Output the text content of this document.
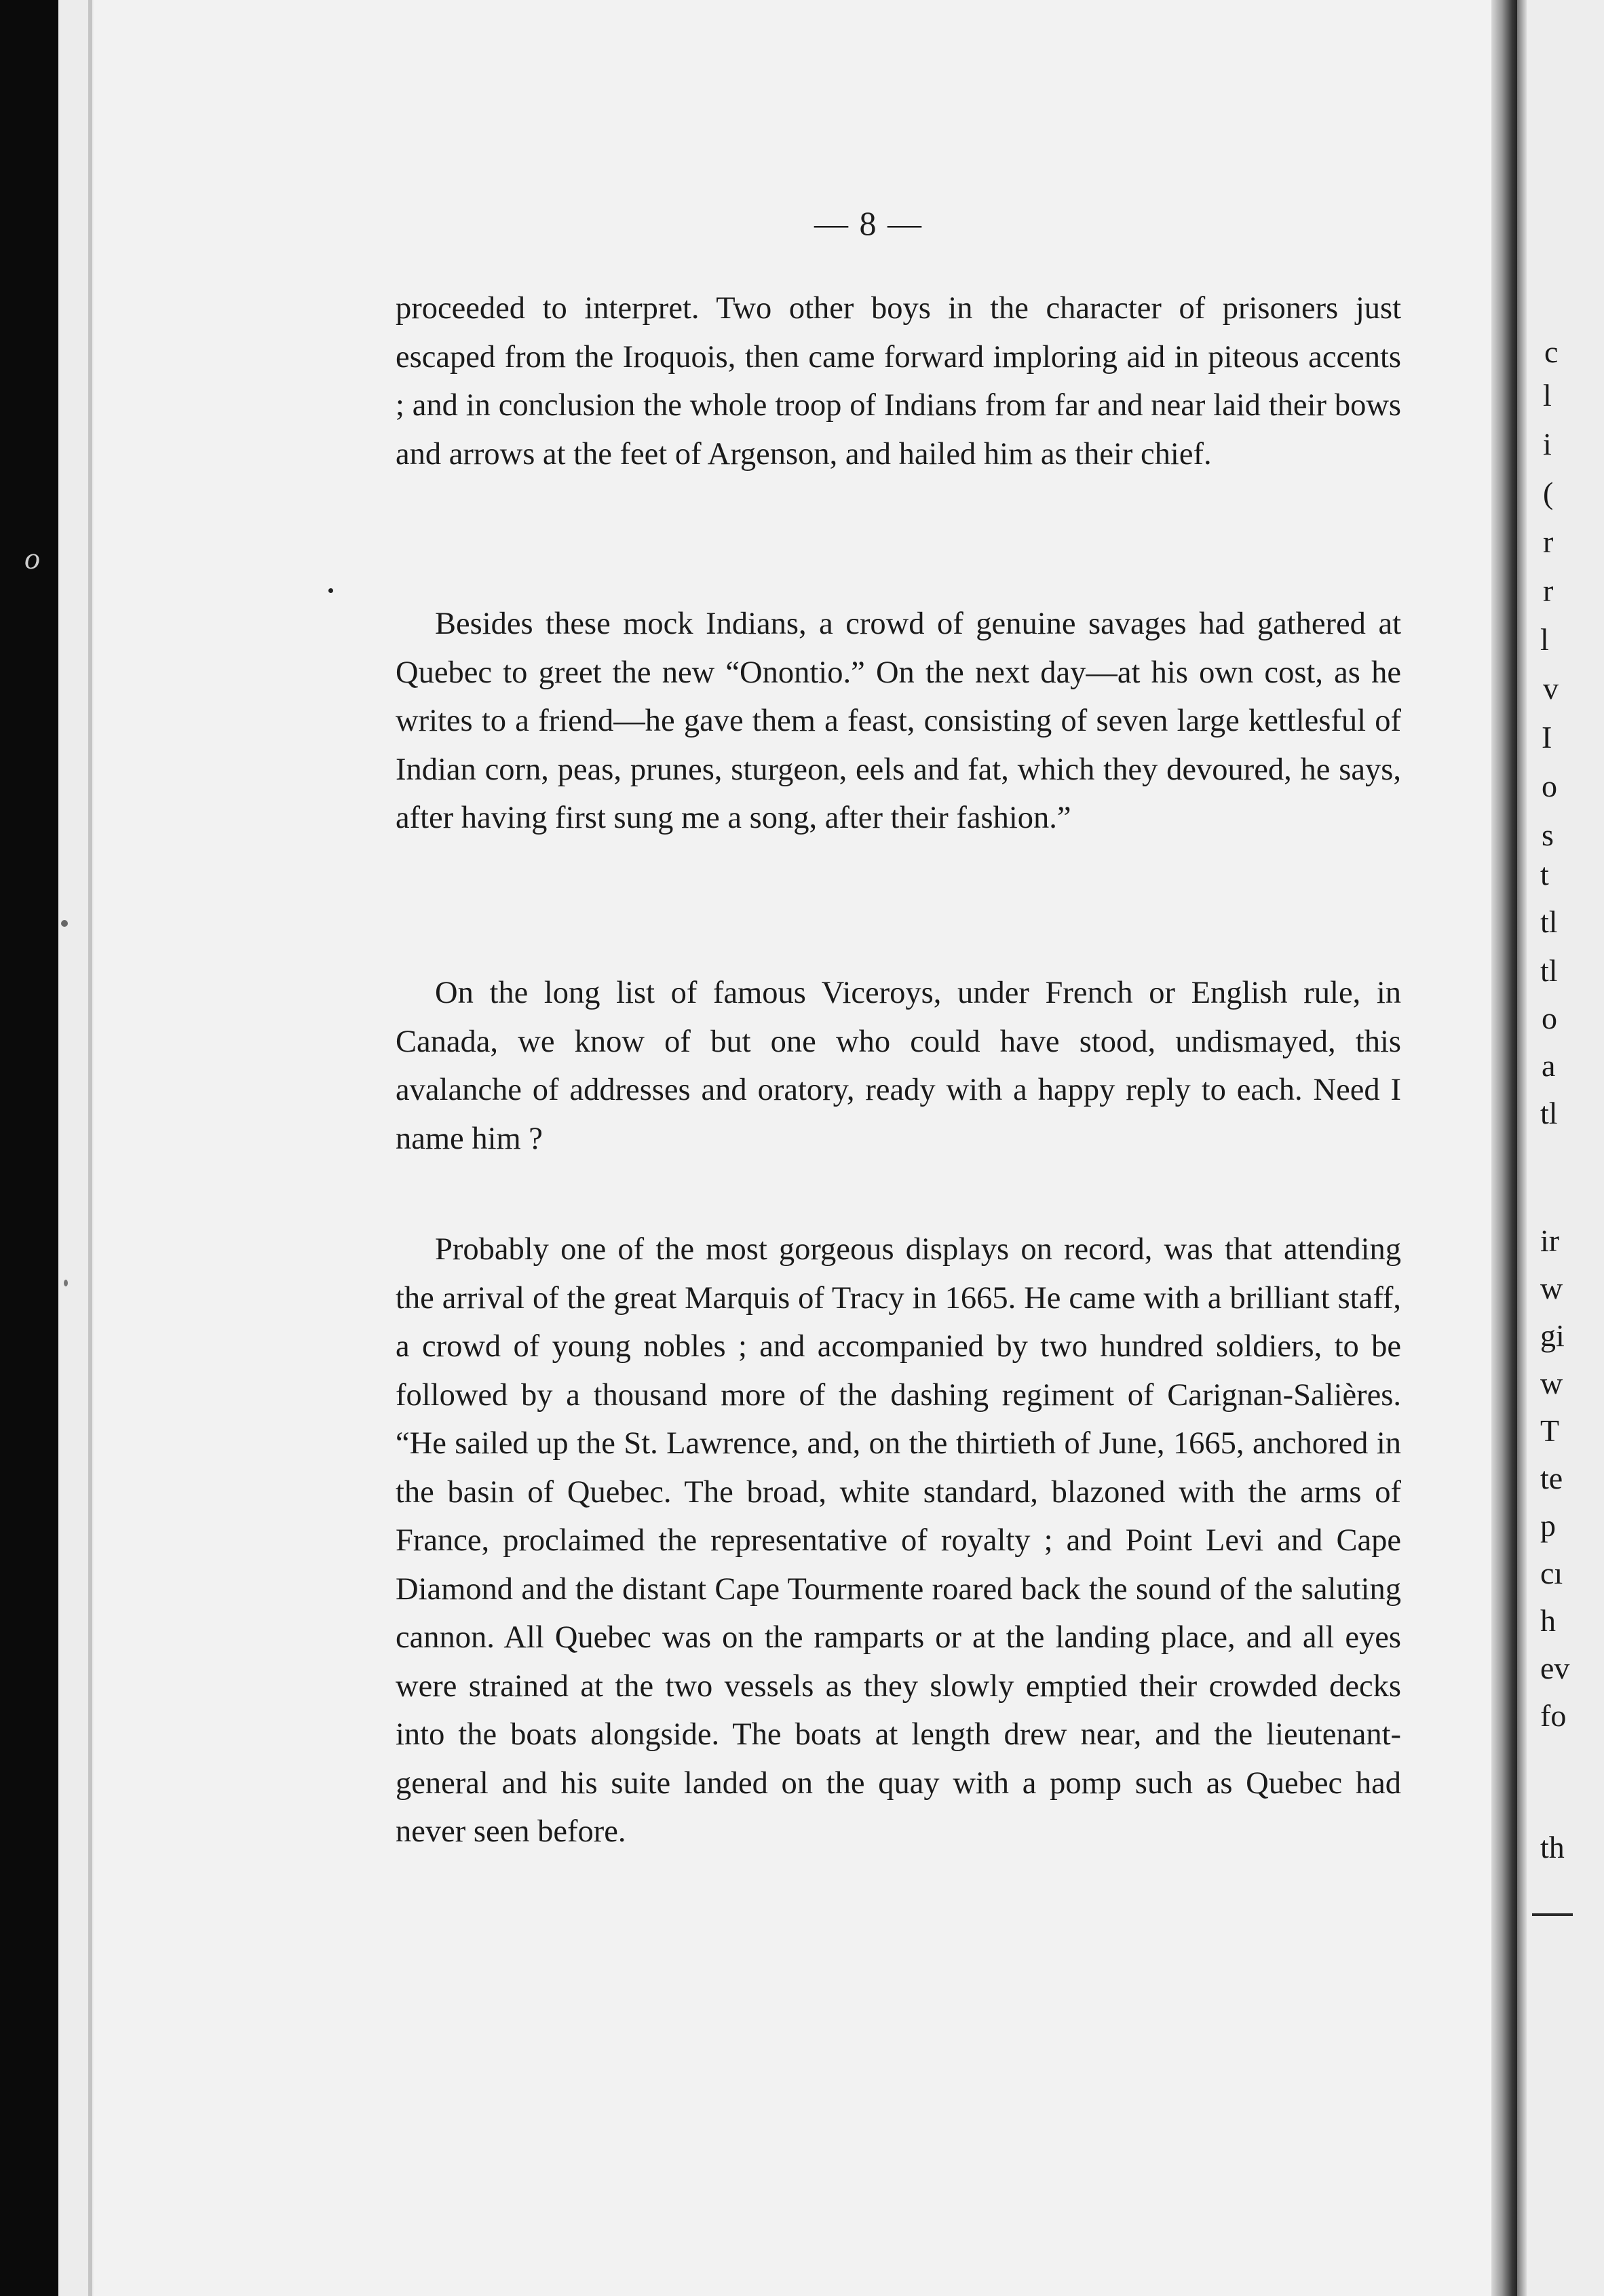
o
— 8 —

proceeded to interpret. Two other boys in the character of prisoners just escaped from the Iroquois, then came forward imploring aid in piteous accents ; and in conclusion the whole troop of Indians from far and near laid their bows and arrows at the feet of Argenson, and hailed him as their chief.

Besides these mock Indians, a crowd of genuine savages had gathered at Quebec to greet the new “Onontio.” On the next day—at his own cost, as he writes to a friend—he gave them a feast, consisting of seven large kettlesful of Indian corn, peas, prunes, sturgeon, eels and fat, which they devoured, he says, after having first sung me a song, after their fashion.”

On the long list of famous Viceroys, under French or English rule, in Canada, we know of but one who could have stood, undismayed, this avalanche of addresses and oratory, ready with a happy reply to each. Need I name him ?

Probably one of the most gorgeous displays on record, was that attending the arrival of the great Marquis of Tracy in 1665. He came with a brilliant staff, a crowd of young nobles ; and accompanied by two hundred soldiers, to be followed by a thousand more of the dashing regiment of Carignan-Salières. “He sailed up the St. Lawrence, and, on the thirtieth of June, 1665, anchored in the basin of Quebec. The broad, white standard, blazoned with the arms of France, proclaimed the representative of royalty ; and Point Levi and Cape Diamond and the distant Cape Tourmente roared back the sound of the saluting cannon. All Quebec was on the ramparts or at the landing place, and all eyes were strained at the two vessels as they slowly emptied their crowded decks into the boats alongside. The boats at length drew near, and the lieutenant-general and his suite landed on the quay with a pomp such as Quebec had never seen before.

c
l
i
(
r
r
l
v
I
o
s
t
tl
tl
o
a
tl
ir
w
gi
w
T
te
p
cı
h
ev
fo
th
